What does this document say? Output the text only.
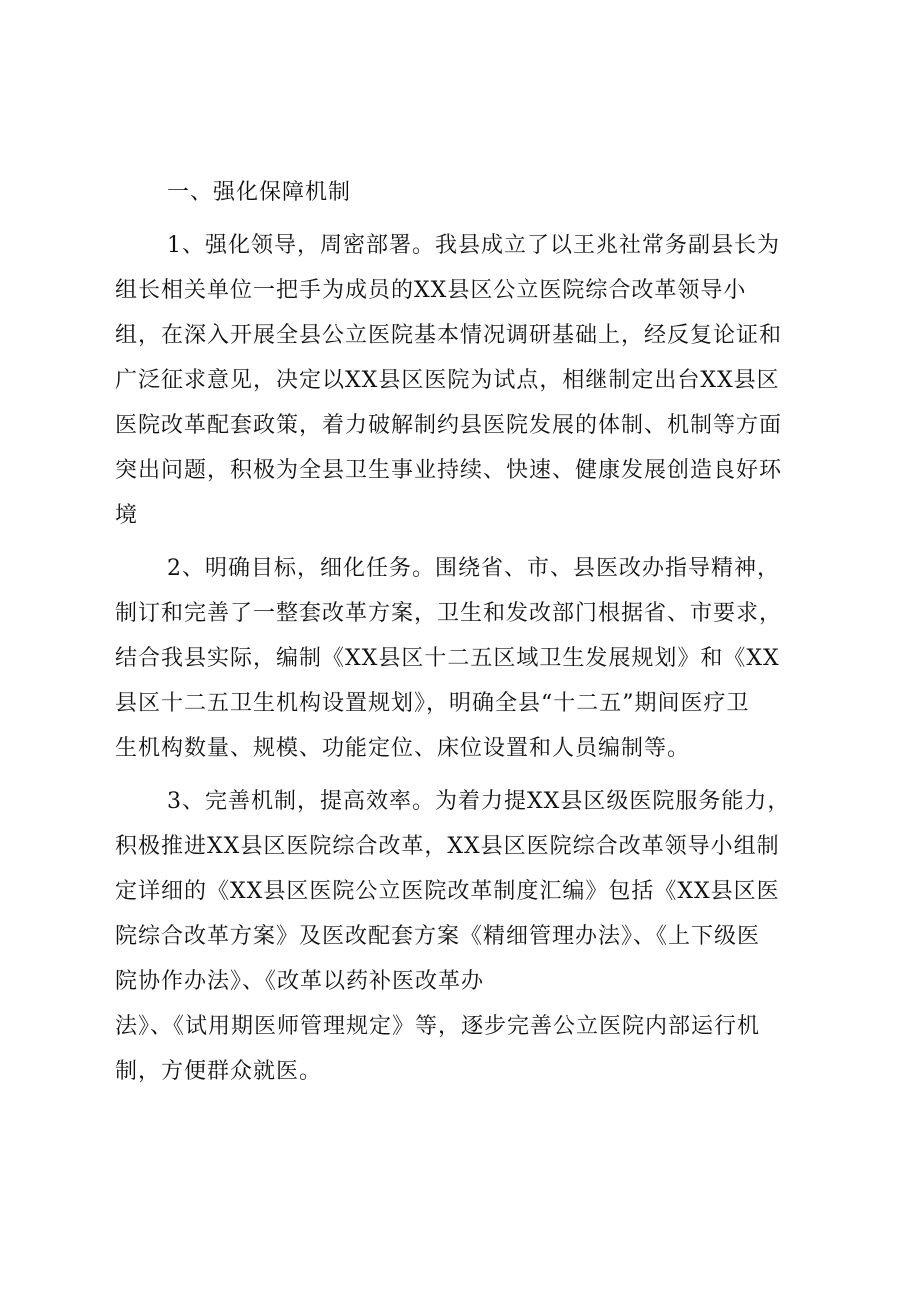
一、强化保障机制

1、强化领导，周密部署。我县成立了以王兆社常务副县长为
组长相关单位一把手为成员的XX县区公立医院综合改革领导小
组，在深入开展全县公立医院基本情况调研基础上，经反复论证和
广泛征求意见，决定以XX县区医院为试点，相继制定出台XX县区
医院改革配套政策，着力破解制约县医院发展的体制、机制等方面
突出问题，积极为全县卫生事业持续、快速、健康发展创造良好环
境

2、明确目标，细化任务。围绕省、市、县医改办指导精神，
制订和完善了一整套改革方案，卫生和发改部门根据省、市要求，
结合我县实际，编制《XX县区十二五区域卫生发展规划》和《XX
县区十二五卫生机构设置规划》，明确全县“十二五”期间医疗卫
生机构数量、规模、功能定位、床位设置和人员编制等。

3、完善机制，提高效率。为着力提XX县区级医院服务能力，
积极推进XX县区医院综合改革，XX县区医院综合改革领导小组制
定详细的《XX县区医院公立医院改革制度汇编》包括《XX县区医
院综合改革方案》及医改配套方案《精细管理办法》、《上下级医
院协作办法》、《改革以药补医改革办
法》、《试用期医师管理规定》等，逐步完善公立医院内部运行机
制，方便群众就医。
